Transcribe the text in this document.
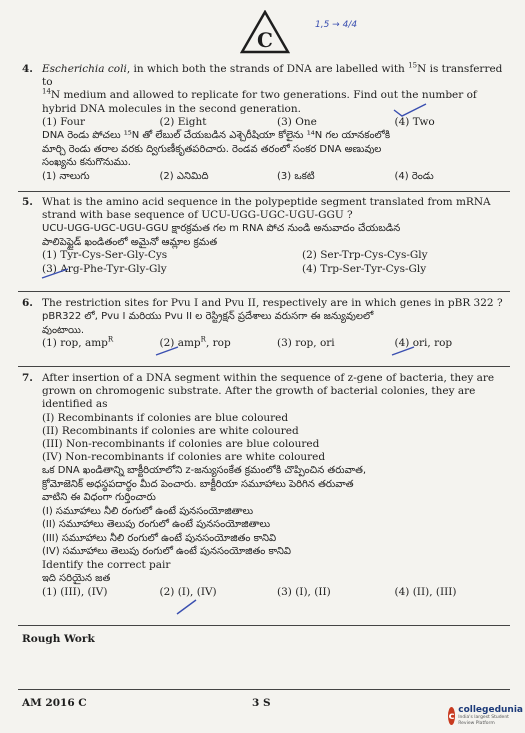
C
1,5 → 4/4
4. Escherichia coli, in which both the strands of DNA are labelled with $^{15}$N is transferred to
$^{14}$N medium and allowed to replicate for two generations. Find out the number of hybrid DNA molecules in the second generation.
(1) Four	(2) Eight	(3) One	(4) Two
DNA రెండు పోచలు ¹⁵N తో లేబుల్ చేయబడిన ఎశ్చెరీషియా కోలైను ¹⁴N గల యానకంలోకి
మార్చి రెండు తరాల వరకు ద్విగుణీకృతపరిచారు. రెండవ తరంలో సంకర DNA అణువుల
సంఖ్యను కనుగొనుము.
(1) నాలుగు	(2) ఎనిమిది	(3) ఒకటి	(4) రెండు
5. What is the amino acid sequence in the polypeptide segment translated from mRNA strand with base sequence of UCU-UGG-UGC-UGU-GGU ?
UCU-UGG-UGC-UGU-GGU క్షారక్రమత గల m RNA పోచ నుండి అనువాదం చేయబడిన
పాలిపెప్టైడ్ ఖండితంలో అమైనో ఆమ్లాల క్రమత
(1) Tyr-Cys-Ser-Gly-Cys	(2) Ser-Trp-Cys-Cys-Gly
(3) Arg-Phe-Tyr-Gly-Gly	(4) Trp-Ser-Tyr-Cys-Gly
6. The restriction sites for Pvu I and Pvu II, respectively are in which genes in pBR 322 ?
pBR322 లో, Pvu I మరియు Pvu II ల రెస్ట్రిక్షన్ ప్రదేశాలు వరుసగా ఈ జన్యువులలో
వుంటాయి.
(1) rop, amp$^R$	(2) amp$^R$, rop	(3) rop, ori	(4) ori, rop
7. After insertion of a DNA segment within the sequence of z-gene of bacteria, they are grown on chromogenic substrate. After the growth of bacterial colonies, they are identified as
(I) Recombinants if colonies are blue coloured
(II) Recombinants if colonies are white coloured
(III) Non-recombinants if colonies are blue coloured
(IV) Non-recombinants if colonies are white coloured
ఒక DNA ఖండితాన్ని బాక్టీరియాలోని z-జన్యుసంకేత క్రమంలోకి చొప్పించిన తరువాత,
క్రోమోజెనిక్ అధస్థపదార్థం మీద పెంచారు. బాక్టీరియా సమూహాలు పెరిగిన తరువాత
వాటిని ఈ విధంగా గుర్తించారు
(I) సమూహాలు నీలి రంగులో ఉంటే పునసంయోజితాలు
(II) సమూహాలు తెలుపు రంగులో ఉంటే పునసంయోజితాలు
(III) సమూహాలు నీలి రంగులో ఉంటే పునసంయోజితం కానివి
(IV) సమూహాలు తెలుపు రంగులో ఉంటే పునసంయోజితం కానివి
Identify the correct pair
ఇది సరియైన జత
(1) (III), (IV)	(2) (I), (IV)	(3) (I), (II)	(4) (II), (III)
Rough Work
AM 2016 C	3 S
c
collegedunia
India's largest Student Review Platform
